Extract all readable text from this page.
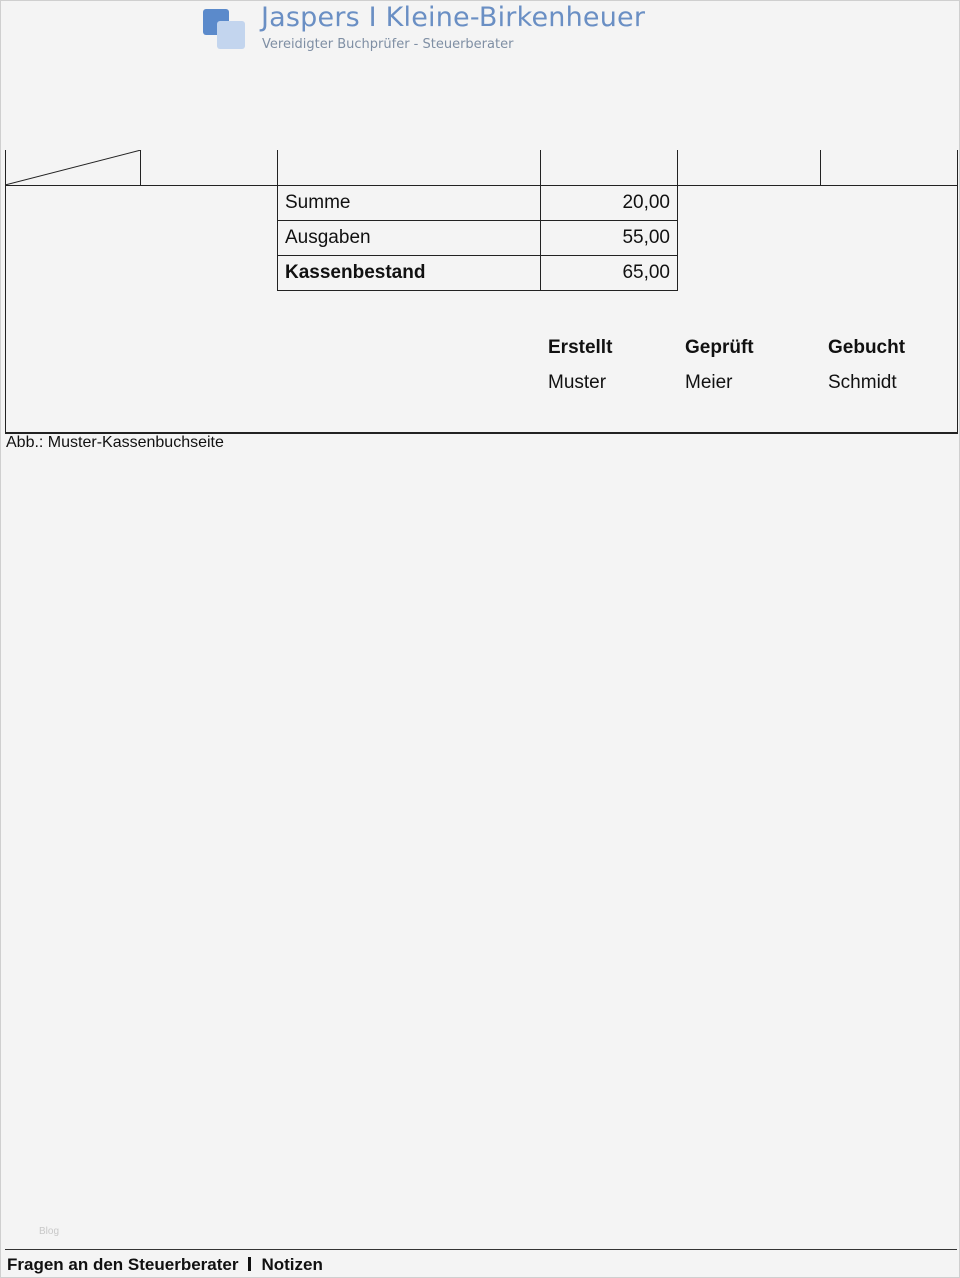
Jaspers I Kleine-Birkenheuer
Vereidigter Buchprüfer - Steuerberater
Summe	20,00
Ausgaben	55,00
Kassenbestand	65,00
Erstellt	Geprüft	Gebucht
Muster	Meier	Schmidt
Abb.: Muster-Kassenbuchseite
Blog
Fragen an den Steuerberater Notizen
